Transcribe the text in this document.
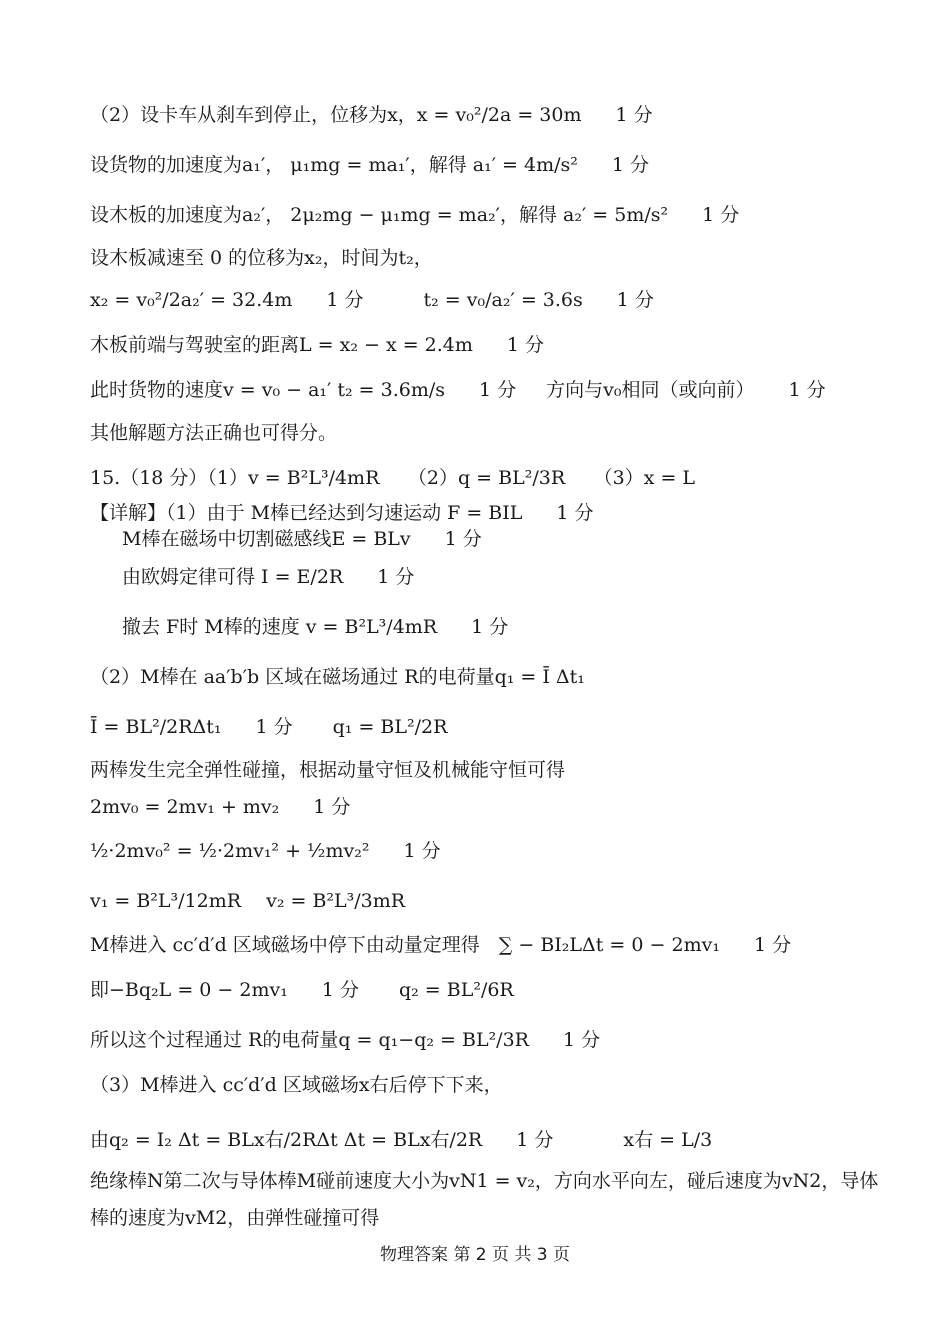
（2）设卡车从刹车到停止，位移为x，x = v₀²/2a = 30m 1 分
设货物的加速度为a₁′， μ₁mg = ma₁′，解得 a₁′ = 4m/s² 1 分
设木板的加速度为a₂′， 2μ₂mg − μ₁mg = ma₂′，解得 a₂′ = 5m/s² 1 分
设木板减速至 0 的位移为x₂，时间为t₂，
x₂ = v₀²/2a₂′ = 32.4m 1 分	t₂ = v₀/a₂′ = 3.6s 1 分
木板前端与驾驶室的距离L = x₂ − x = 2.4m 1 分
此时货物的速度v = v₀ − a₁′ t₂ = 3.6m/s 1 分 方向与v₀相同（或向前） 1 分
其他解题方法正确也可得分。
15.（18 分）（1）v = B²L³/4mR　　（2）q = BL²/3R　　（3）x = L
【详解】（1）由于 M棒已经达到匀速运动 F = BIL 1 分
M棒在磁场中切割磁感线E = BLv 1 分
由欧姆定律可得 I = E/2R 1 分
撤去 F时 M棒的速度 v = B²L³/4mR 1 分
（2）M棒在 aa′b′b 区域在磁场通过 R的电荷量q₁ = Ī Δt₁
Ī = BL²/2RΔt₁ 1 分 q₁ = BL²/2R
两棒发生完全弹性碰撞，根据动量守恒及机械能守恒可得
2mv₀ = 2mv₁ + mv₂ 1 分
½·2mv₀² = ½·2mv₁² + ½mv₂² 1 分
v₁ = B²L³/12mR　 v₂ = B²L³/3mR
M棒进入 cc′d′d 区域磁场中停下由动量定理得　∑ − BI₂LΔt = 0 − 2mv₁ 1 分
即−Bq₂L = 0 − 2mv₁ 1 分 q₂ = BL²/6R
所以这个过程通过 R的电荷量q = q₁−q₂ = BL²/3R 1 分
（3）M棒进入 cc′d′d 区域磁场x右后停下下来，
由q₂ = I₂ Δt = BLx右/2RΔt Δt = BLx右/2R 1 分	x右 = L/3
绝缘棒N第二次与导体棒M碰前速度大小为vN1 = v₂，方向水平向左，碰后速度为vN2，导体
棒的速度为vM2，由弹性碰撞可得
物理答案 第 2 页 共 3 页
